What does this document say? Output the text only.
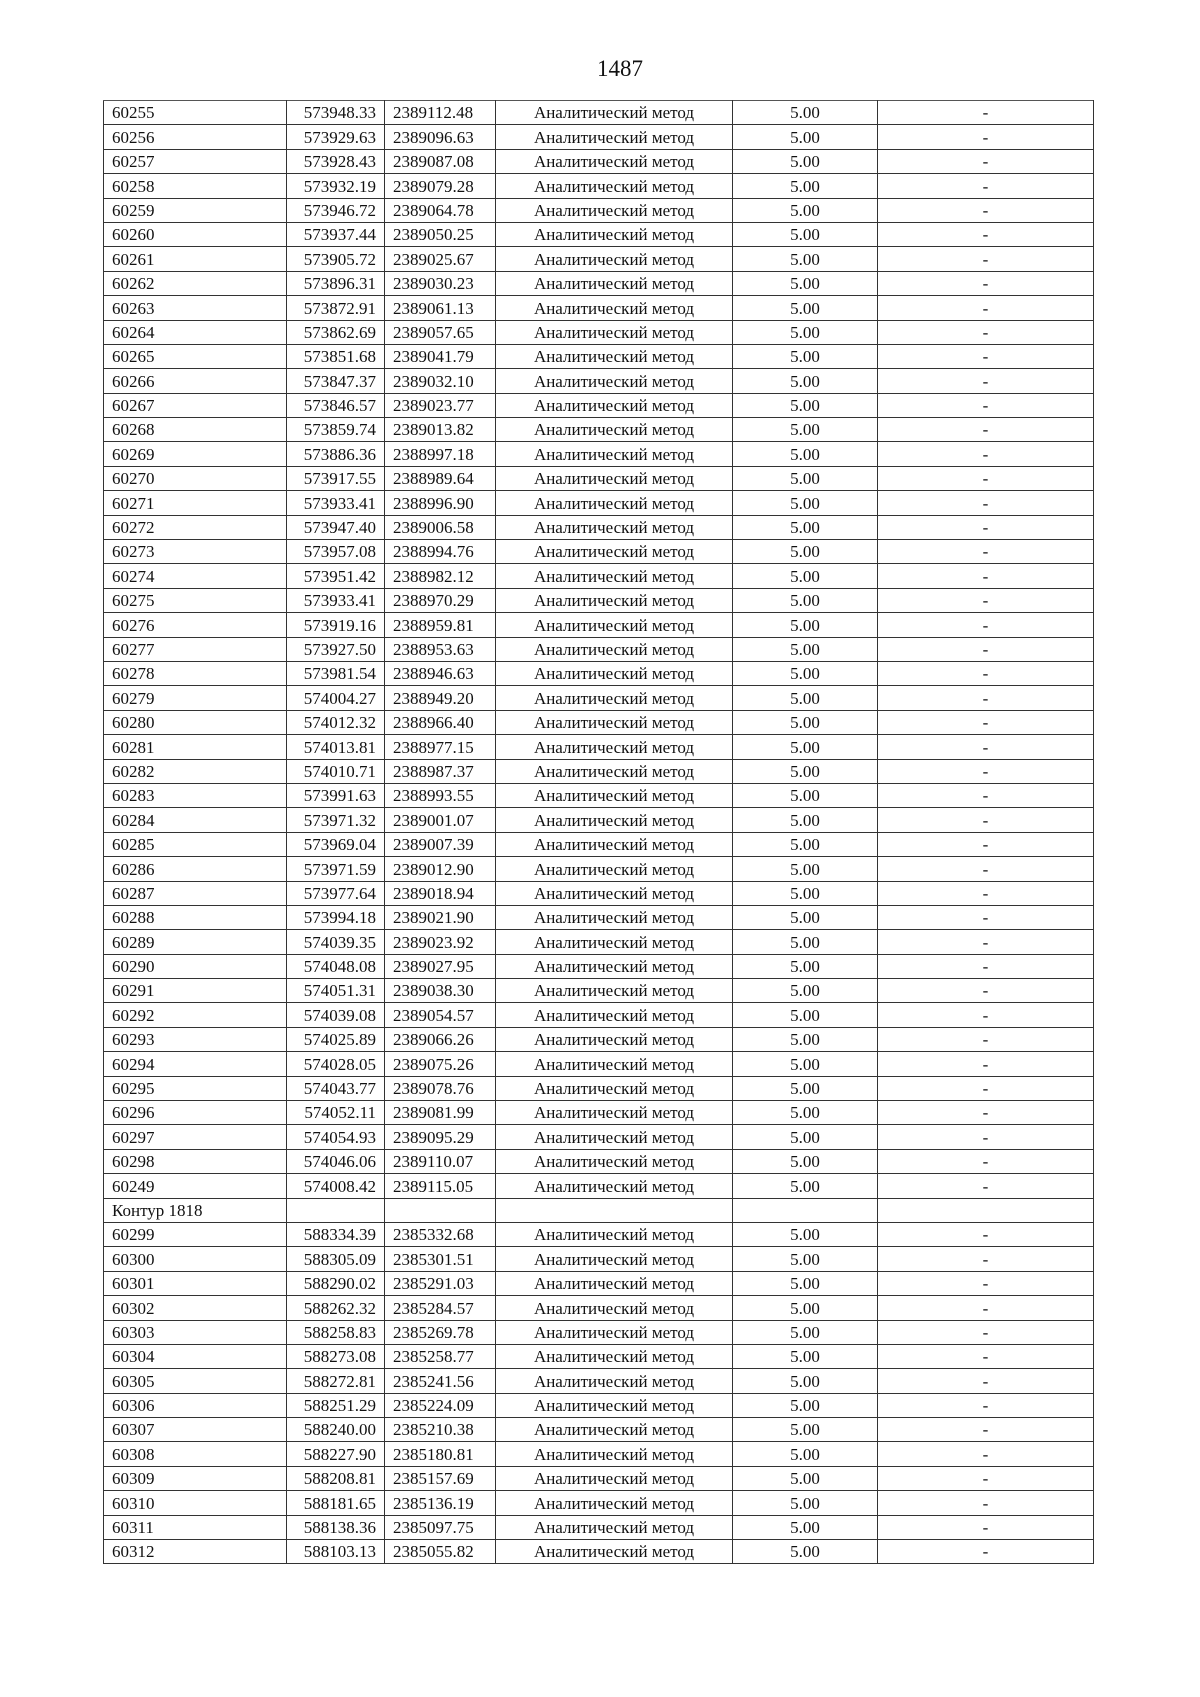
1487
60255	573948.33	2389112.48	Аналитический метод	5.00	-
60256	573929.63	2389096.63	Аналитический метод	5.00	-
60257	573928.43	2389087.08	Аналитический метод	5.00	-
60258	573932.19	2389079.28	Аналитический метод	5.00	-
60259	573946.72	2389064.78	Аналитический метод	5.00	-
60260	573937.44	2389050.25	Аналитический метод	5.00	-
60261	573905.72	2389025.67	Аналитический метод	5.00	-
60262	573896.31	2389030.23	Аналитический метод	5.00	-
60263	573872.91	2389061.13	Аналитический метод	5.00	-
60264	573862.69	2389057.65	Аналитический метод	5.00	-
60265	573851.68	2389041.79	Аналитический метод	5.00	-
60266	573847.37	2389032.10	Аналитический метод	5.00	-
60267	573846.57	2389023.77	Аналитический метод	5.00	-
60268	573859.74	2389013.82	Аналитический метод	5.00	-
60269	573886.36	2388997.18	Аналитический метод	5.00	-
60270	573917.55	2388989.64	Аналитический метод	5.00	-
60271	573933.41	2388996.90	Аналитический метод	5.00	-
60272	573947.40	2389006.58	Аналитический метод	5.00	-
60273	573957.08	2388994.76	Аналитический метод	5.00	-
60274	573951.42	2388982.12	Аналитический метод	5.00	-
60275	573933.41	2388970.29	Аналитический метод	5.00	-
60276	573919.16	2388959.81	Аналитический метод	5.00	-
60277	573927.50	2388953.63	Аналитический метод	5.00	-
60278	573981.54	2388946.63	Аналитический метод	5.00	-
60279	574004.27	2388949.20	Аналитический метод	5.00	-
60280	574012.32	2388966.40	Аналитический метод	5.00	-
60281	574013.81	2388977.15	Аналитический метод	5.00	-
60282	574010.71	2388987.37	Аналитический метод	5.00	-
60283	573991.63	2388993.55	Аналитический метод	5.00	-
60284	573971.32	2389001.07	Аналитический метод	5.00	-
60285	573969.04	2389007.39	Аналитический метод	5.00	-
60286	573971.59	2389012.90	Аналитический метод	5.00	-
60287	573977.64	2389018.94	Аналитический метод	5.00	-
60288	573994.18	2389021.90	Аналитический метод	5.00	-
60289	574039.35	2389023.92	Аналитический метод	5.00	-
60290	574048.08	2389027.95	Аналитический метод	5.00	-
60291	574051.31	2389038.30	Аналитический метод	5.00	-
60292	574039.08	2389054.57	Аналитический метод	5.00	-
60293	574025.89	2389066.26	Аналитический метод	5.00	-
60294	574028.05	2389075.26	Аналитический метод	5.00	-
60295	574043.77	2389078.76	Аналитический метод	5.00	-
60296	574052.11	2389081.99	Аналитический метод	5.00	-
60297	574054.93	2389095.29	Аналитический метод	5.00	-
60298	574046.06	2389110.07	Аналитический метод	5.00	-
60249	574008.42	2389115.05	Аналитический метод	5.00	-
Контур 1818					
60299	588334.39	2385332.68	Аналитический метод	5.00	-
60300	588305.09	2385301.51	Аналитический метод	5.00	-
60301	588290.02	2385291.03	Аналитический метод	5.00	-
60302	588262.32	2385284.57	Аналитический метод	5.00	-
60303	588258.83	2385269.78	Аналитический метод	5.00	-
60304	588273.08	2385258.77	Аналитический метод	5.00	-
60305	588272.81	2385241.56	Аналитический метод	5.00	-
60306	588251.29	2385224.09	Аналитический метод	5.00	-
60307	588240.00	2385210.38	Аналитический метод	5.00	-
60308	588227.90	2385180.81	Аналитический метод	5.00	-
60309	588208.81	2385157.69	Аналитический метод	5.00	-
60310	588181.65	2385136.19	Аналитический метод	5.00	-
60311	588138.36	2385097.75	Аналитический метод	5.00	-
60312	588103.13	2385055.82	Аналитический метод	5.00	-
